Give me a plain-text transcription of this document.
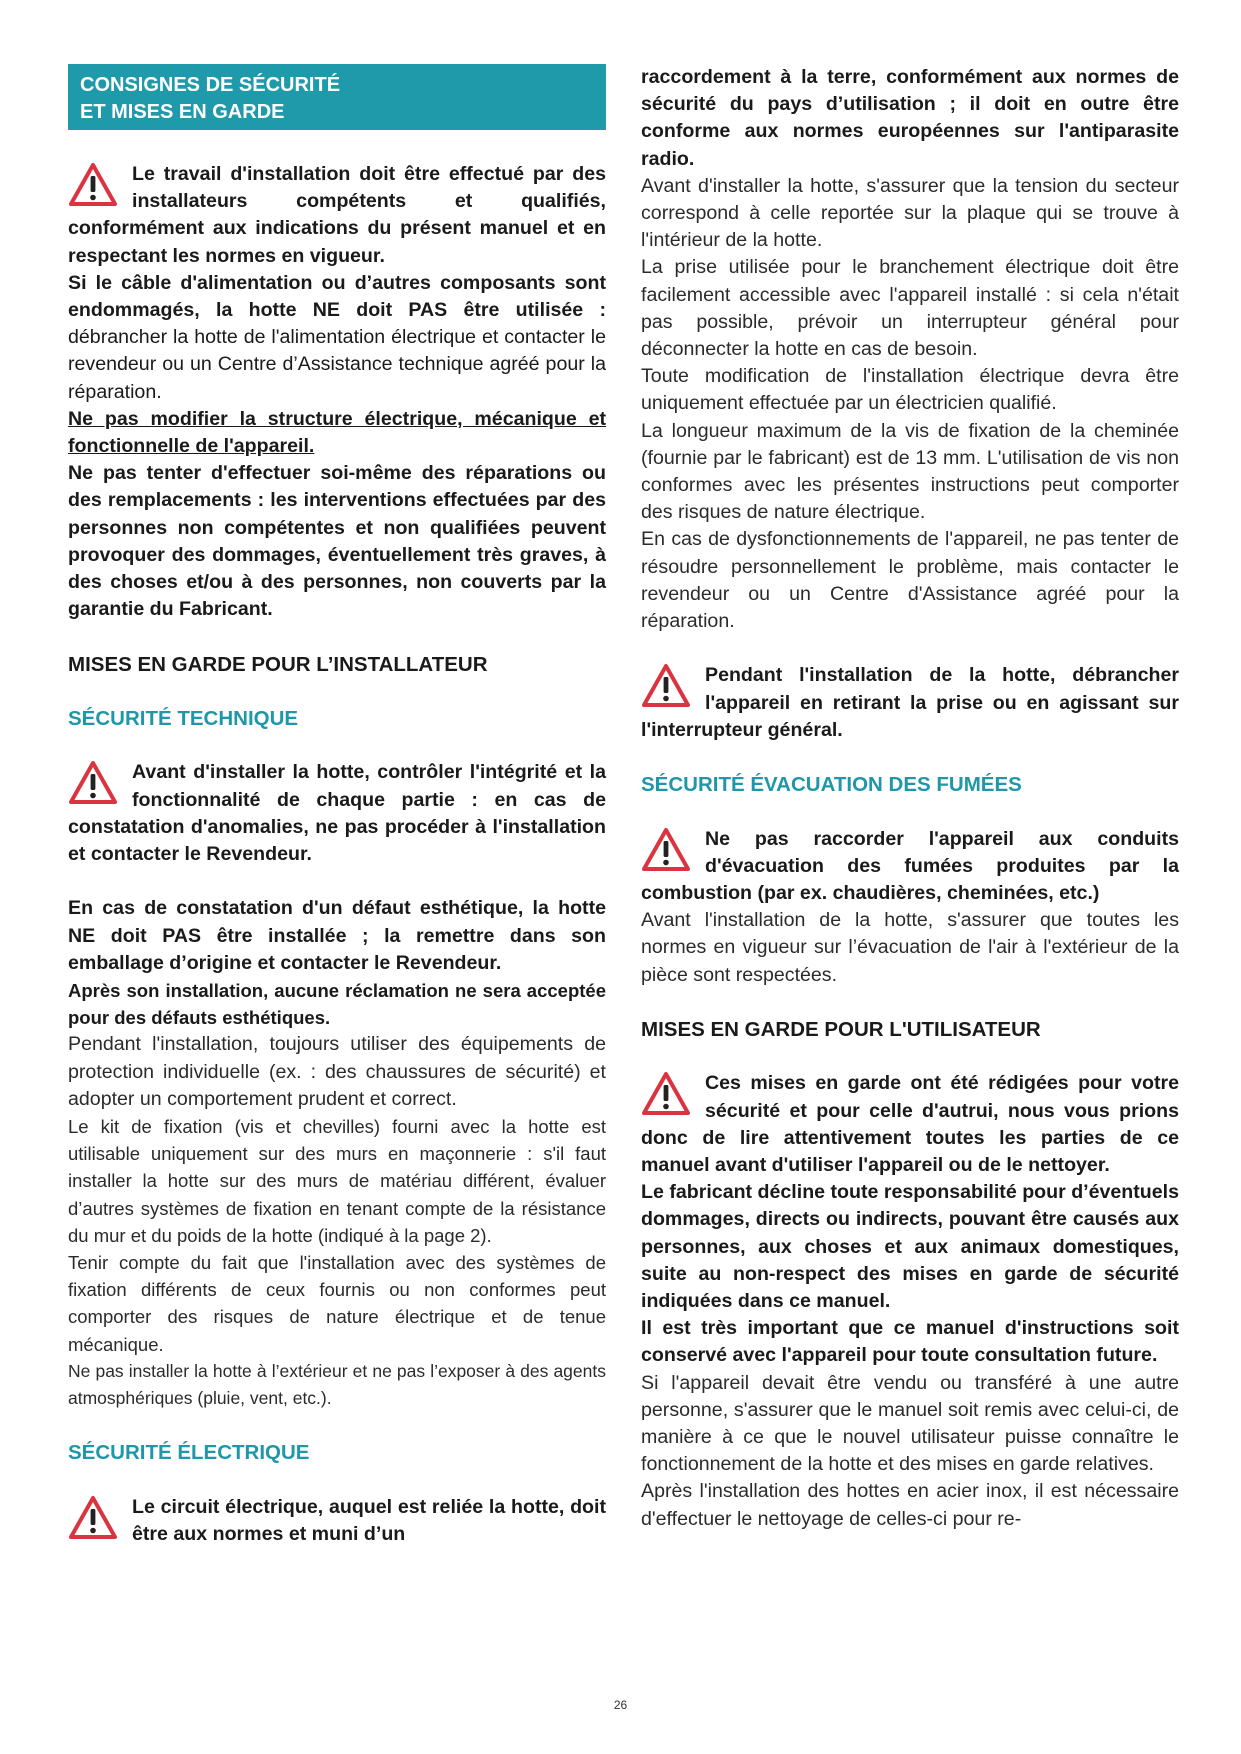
CONSIGNES DE SÉCURITÉ
ET MISES EN GARDE

Le travail d'installation doit être effectué par des installateurs compétents et qualifiés, conformément aux indications du présent manuel et en respectant les normes en vigueur.

Si le câble d'alimentation ou d’autres composants sont endommagés, la hotte NE doit PAS être utilisée : débrancher la hotte de l'alimentation électrique et contacter le revendeur ou un Centre d’Assistance technique agréé pour la réparation.

Ne pas modifier la structure électrique, mécanique et fonctionnelle de l'appareil.

Ne pas tenter d'effectuer soi-même des réparations ou des remplacements : les interventions effectuées par des personnes non compétentes et non qualifiées peuvent provoquer des dommages, éventuellement très graves, à des choses et/ou à des personnes, non couverts par la garantie du Fabricant.

MISES EN GARDE POUR L’INSTALLATEUR

SÉCURITÉ TECHNIQUE

Avant d'installer la hotte, contrôler l'intégrité et la fonctionnalité de chaque partie : en cas de constatation d'anomalies, ne pas procéder à l'installation et contacter le Revendeur.

En cas de constatation d'un défaut esthétique, la hotte NE doit PAS être installée ; la remettre dans son emballage d’origine et contacter le Revendeur.

Après son installation, aucune réclamation ne sera acceptée pour des défauts esthétiques.

Pendant l'installation, toujours utiliser des équipements de protection individuelle (ex. : des chaussures de sécurité) et adopter un comportement prudent et correct.

Le kit de fixation (vis et chevilles) fourni avec la hotte est utilisable uniquement sur des murs en maçonnerie : s'il faut installer la hotte sur des murs de matériau différent, évaluer d’autres systèmes de fixation en tenant compte de la résistance du mur et du poids de la hotte (indiqué à la page 2).

Tenir compte du fait que l'installation avec des systèmes de fixation différents de ceux fournis ou non conformes peut comporter des risques de nature électrique et de tenue mécanique.

Ne pas installer la hotte à l’extérieur et ne pas l’exposer à des agents atmosphériques (pluie, vent, etc.).

SÉCURITÉ ÉLECTRIQUE

Le circuit électrique, auquel est reliée la hotte, doit être aux normes et muni d’un

raccordement à la terre, conformément aux normes de sécurité du pays d’utilisation ; il doit en outre être conforme aux normes européennes sur l'antiparasite radio.

Avant d'installer la hotte, s'assurer que la tension du secteur correspond à celle reportée sur la plaque qui se trouve à l'intérieur de la hotte.

La prise utilisée pour le branchement électrique doit être facilement accessible avec l'appareil installé : si cela n'était pas possible, prévoir un interrupteur général pour déconnecter la hotte en cas de besoin.

Toute modification de l'installation électrique devra être uniquement effectuée par un électricien qualifié.

La longueur maximum de la vis de fixation de la cheminée (fournie par le fabricant) est de 13 mm. L'utilisation de vis non conformes avec les présentes instructions peut comporter des risques de nature électrique.

En cas de dysfonctionnements de l'appareil, ne pas tenter de résoudre personnellement le problème, mais contacter le revendeur ou un Centre d'Assistance agréé pour la réparation.

Pendant l'installation de la hotte, débrancher l'appareil en retirant la prise ou en agissant sur l'interrupteur général.

SÉCURITÉ ÉVACUATION DES FUMÉES

Ne pas raccorder l'appareil aux conduits d'évacuation des fumées produites par la combustion (par ex. chaudières, cheminées, etc.)

Avant l'installation de la hotte, s'assurer que toutes les normes en vigueur sur l’évacuation de l'air à l'extérieur de la pièce sont respectées.

MISES EN GARDE POUR L'UTILISATEUR

Ces mises en garde ont été rédigées pour votre sécurité et pour celle d'autrui, nous vous prions donc de lire attentivement toutes les parties de ce manuel avant d'utiliser l'appareil ou de le nettoyer.

Le fabricant décline toute responsabilité pour d’éventuels dommages, directs ou indirects, pouvant être causés aux personnes, aux choses et aux animaux domestiques, suite au non-respect des mises en garde de sécurité indiquées dans ce manuel.

Il est très important que ce manuel d'instructions soit conservé avec l'appareil pour toute consultation future.

Si l'appareil devait être vendu ou transféré à une autre personne, s'assurer que le manuel soit remis avec celui-ci, de manière à ce que le nouvel utilisateur puisse connaître le fonctionnement de la hotte et des mises en garde relatives.

Après l'installation des hottes en acier inox, il est nécessaire d'effectuer le nettoyage de celles-ci pour re-

26
